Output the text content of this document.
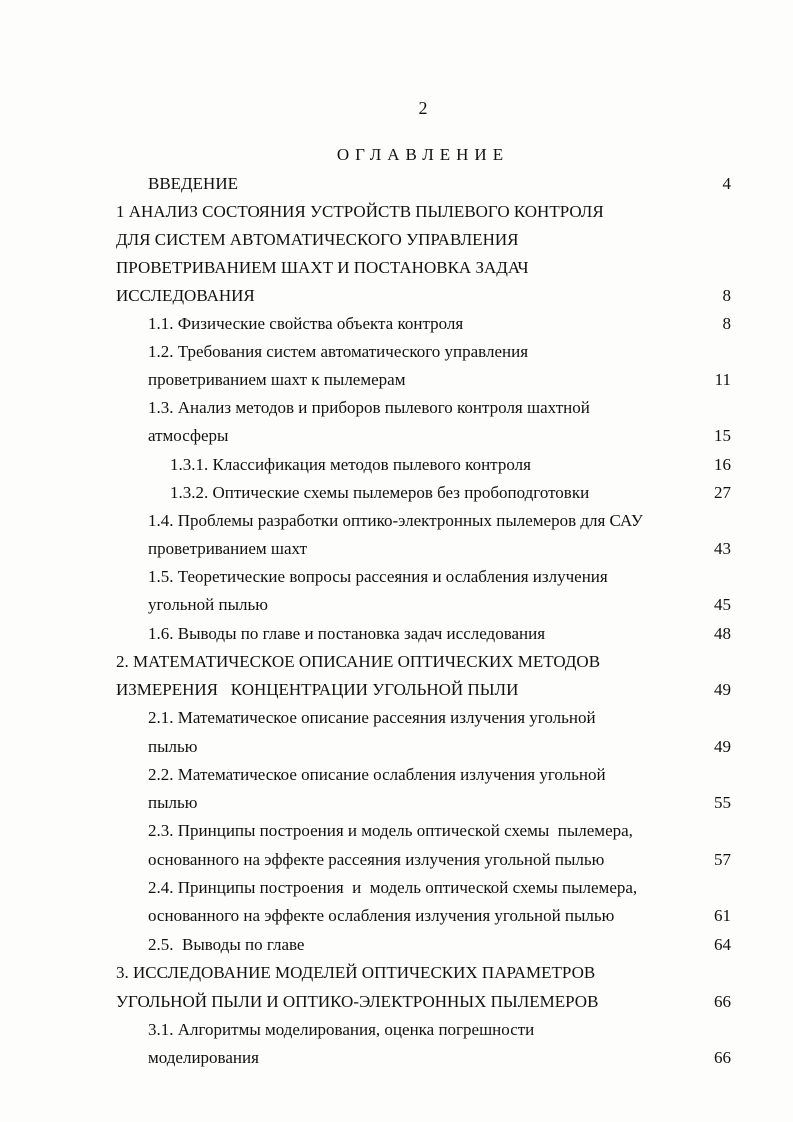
2
ОГЛАВЛЕНИЕ
ВВЕДЕНИЕ	4
1 АНАЛИЗ СОСТОЯНИЯ УСТРОЙСТВ ПЫЛЕВОГО КОНТРОЛЯ
ДЛЯ СИСТЕМ АВТОМАТИЧЕСКОГО УПРАВЛЕНИЯ
ПРОВЕТРИВАНИЕМ ШАХТ И ПОСТАНОВКА ЗАДАЧ
ИССЛЕДОВАНИЯ	8
1.1. Физические свойства объекта контроля	8
1.2. Требования систем автоматического управления
проветриванием шахт к пылемерам	11
1.3. Анализ методов и приборов пылевого контроля шахтной
атмосферы	15
1.3.1. Классификация методов пылевого контроля	16
1.3.2. Оптические схемы пылемеров без пробоподготовки	27
1.4. Проблемы разработки оптико-электронных пылемеров для САУ
проветриванием шахт	43
1.5. Теоретические вопросы рассеяния и ослабления излучения
угольной пылью	45
1.6. Выводы по главе и постановка задач исследования	48
2. МАТЕМАТИЧЕСКОЕ ОПИСАНИЕ ОПТИЧЕСКИХ МЕТОДОВ
ИЗМЕРЕНИЯ   КОНЦЕНТРАЦИИ УГОЛЬНОЙ ПЫЛИ	49
2.1. Математическое описание рассеяния излучения угольной
пылью	49
2.2. Математическое описание ослабления излучения угольной
пылью	55
2.3. Принципы построения и модель оптической схемы  пылемера,
основанного на эффекте рассеяния излучения угольной пылью	57
2.4. Принципы построения  и  модель оптической схемы пылемера,
основанного на эффекте ослабления излучения угольной пылью	61
2.5.  Выводы по главе	64
3. ИССЛЕДОВАНИЕ МОДЕЛЕЙ ОПТИЧЕСКИХ ПАРАМЕТРОВ
УГОЛЬНОЙ ПЫЛИ И ОПТИКО-ЭЛЕКТРОННЫХ ПЫЛЕМЕРОВ	66
3.1. Алгоритмы моделирования, оценка погрешности
моделирования	66
